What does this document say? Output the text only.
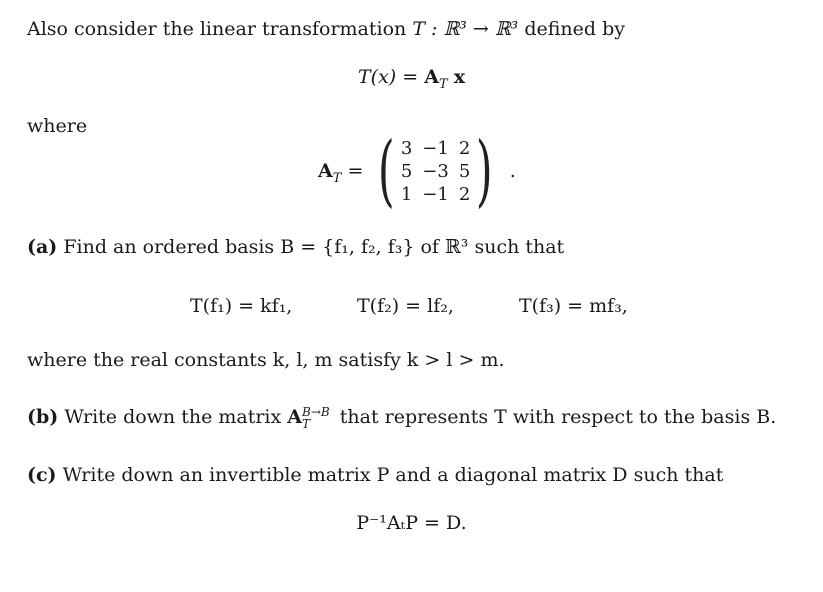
Also consider the linear transformation T : ℝ³ → ℝ³ defined by
$T(x) = A_T$ x
where
$A_T$ = ( 3	−1	2
5	−3	5
1	−1	2 ) .
(a) Find an ordered basis B = {f₁, f₂, f₃} of ℝ³ such that
T(f₁) = kf₁,	T(f₂) = lf₂,	T(f₃) = mf₃,
where the real constants k, l, m satisfy k > l > m.
(b) Write down the matrix A B→B
T	that represents T with respect to the basis B.
(c) Write down an invertible matrix P and a diagonal matrix D such that
P⁻¹AₜP = D.
